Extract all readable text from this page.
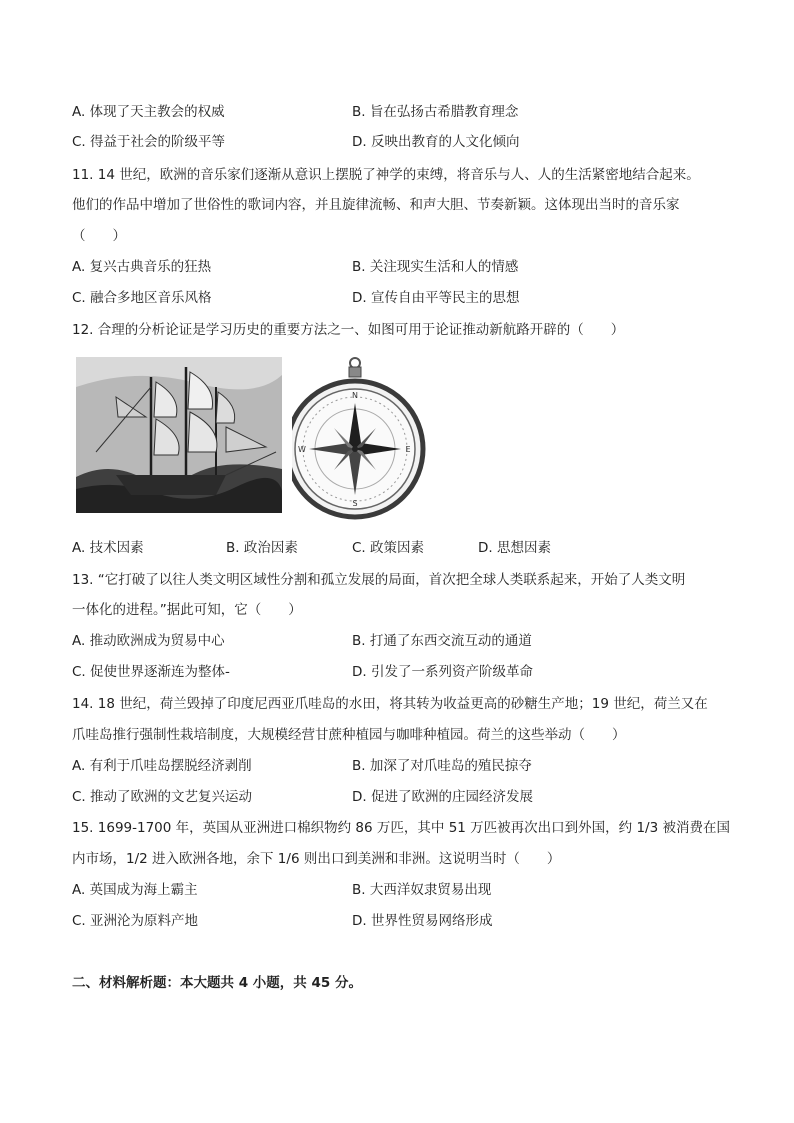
A. 体现了天主教会的权威	B. 旨在弘扬古希腊教育理念
C. 得益于社会的阶级平等	D. 反映出教育的人文化倾向
11. 14 世纪，欧洲的音乐家们逐渐从意识上摆脱了神学的束缚，将音乐与人、人的生活紧密地结合起来。
他们的作品中增加了世俗性的歌词内容，并且旋律流畅、和声大胆、节奏新颖。这体现出当时的音乐家
（　　）
A. 复兴古典音乐的狂热	B. 关注现实生活和人的情感
C. 融合多地区音乐风格	D. 宣传自由平等民主的思想
12. 合理的分析论证是学习历史的重要方法之一、如图可用于论证推动新航路开辟的（　　）
N
E
S
W
A. 技术因素	B. 政治因素	C. 政策因素	D. 思想因素
13. “它打破了以往人类文明区域性分割和孤立发展的局面，首次把全球人类联系起来，开始了人类文明
一体化的进程。”据此可知，它（　　）
A. 推动欧洲成为贸易中心	B. 打通了东西交流互动的通道
C. 促使世界逐渐连为整体-	D. 引发了一系列资产阶级革命
14. 18 世纪，荷兰毁掉了印度尼西亚爪哇岛的水田，将其转为收益更高的砂糖生产地；19 世纪，荷兰又在
爪哇岛推行强制性栽培制度，大规模经营甘蔗种植园与咖啡种植园。荷兰的这些举动（　　）
A. 有利于爪哇岛摆脱经济剥削	B. 加深了对爪哇岛的殖民掠夺
C. 推动了欧洲的文艺复兴运动	D. 促进了欧洲的庄园经济发展
15. 1699-1700 年，英国从亚洲进口棉织物约 86 万匹，其中 51 万匹被再次出口到外国，约 1/3 被消费在国
内市场，1/2 进入欧洲各地，余下 1/6 则出口到美洲和非洲。这说明当时（　　）
A. 英国成为海上霸主	B. 大西洋奴隶贸易出现
C. 亚洲沦为原料产地	D. 世界性贸易网络形成
二、材料解析题：本大题共 4 小题，共 45 分。
